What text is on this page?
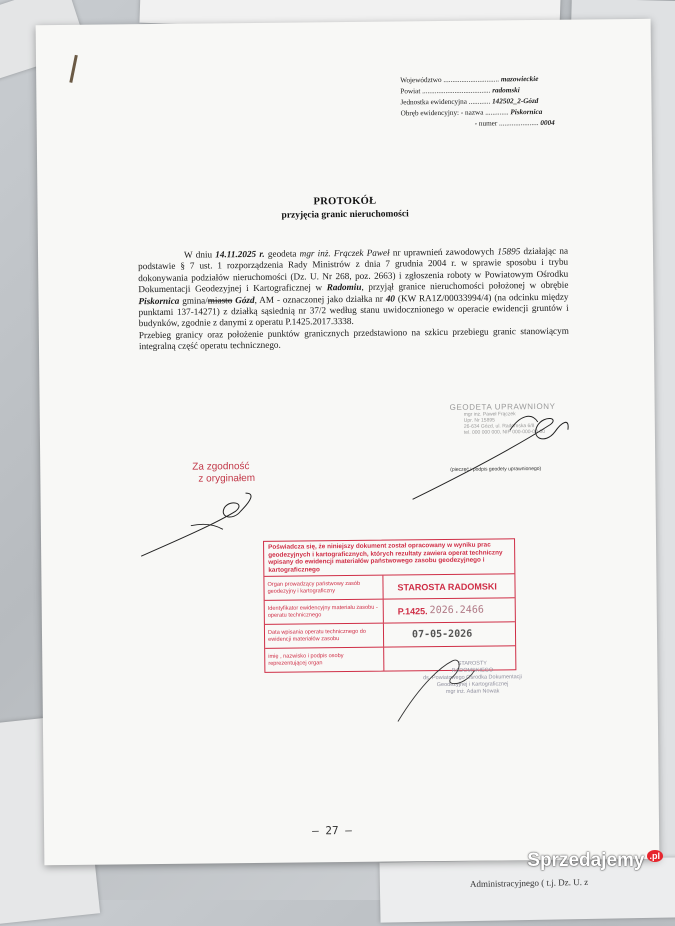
Administracyjnego ( t.j. Dz. U. z
Województwo ............................... mazowieckie
Powiat ...................................... radomski
Jednostka ewidencyjna ............ 142502_2-Gózd
Obręb ewidencyjny: - nazwa ............. Piskornica
- numer ...................... 0004
PROTOKÓŁ
przyjęcia granic nieruchomości

W dniu 14.11.2025 r. geodeta mgr inż. Frączek Paweł nr uprawnień zawodowych 15895 działając na podstawie § 7 ust. 1 rozporządzenia Rady Ministrów z dnia 7 grudnia 2004 r. w sprawie sposobu i trybu dokonywania podziałów nieruchomości (Dz. U. Nr 268, poz. 2663) i zgłoszenia roboty w Powiatowym Ośrodku Dokumentacji Geodezyjnej i Kartograficznej w Radomiu, przyjął granice nieruchomości położonej w obrębie Piskornica gmina/miasto Gózd, AM - oznaczonej jako działka nr 40 (KW RA1Z/00033994/4) (na odcinku między punktami 137-14271) z działką sąsiednią nr 37/2 według stanu uwidocznionego w operacie ewidencji gruntów i budynków, zgodnie z danymi z operatu P.1425.2017.3338.

Przebieg granicy oraz położenie punktów granicznych przedstawiono na szkicu przebiegu granic stanowiącym integralną część operatu technicznego.

GEODETA UPRAWNIONY
mgr inż. Paweł Frączek
Upr. Nr 15895
26-634 Gózd, ul. Radomska 6/8
tel. 000 000 000, NIP 000-000-00-00
(pieczęć i podpis geodety uprawnionego)
Za zgodność
z oryginałem
Poświadcza się, że niniejszy dokument został opracowany w wyniku prac geodezyjnych i kartograficznych, których rezultaty zawiera operat techniczny wpisany do ewidencji materiałów państwowego zasobu geodezyjnego i kartograficznego
Organ prowadzący państwowy zasób geodezyjny i kartograficzny	STAROSTA RADOMSKI
Identyfikator ewidencyjny materiału zasobu - operatu technicznego	P.1425. 2026.2466
Data wpisania operatu technicznego do ewidencji materiałów zasobu	07-05-2026
imię , nazwisko i podpis osoby reprezentującej organ	STAROSTY
RADOMSKIEGO
ds. Powiatowego Ośrodka Dokumentacji
Geodezyjnej i Kartograficznej
mgr inż. Adam Nowak
– 27 –
Sprzedajemy $^{.pl}$
